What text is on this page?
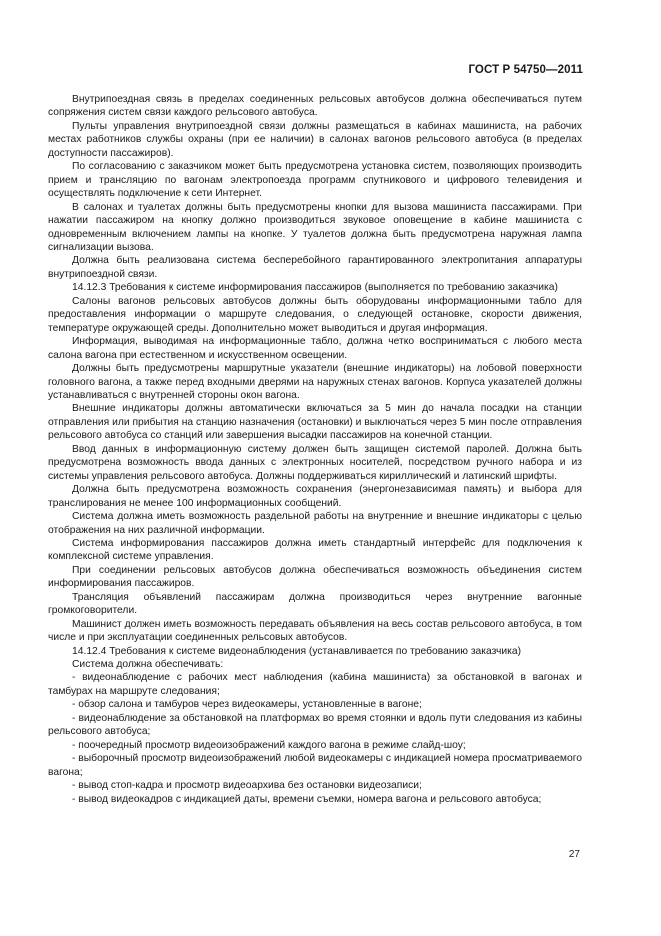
ГОСТ Р 54750—2011

Внутрипоездная связь в пределах соединенных рельсовых автобусов должна обеспечиваться путем сопряжения систем связи каждого рельсового автобуса.

Пульты управления внутрипоездной связи должны размещаться в кабинах машиниста, на рабочих местах работников службы охраны (при ее наличии) в салонах вагонов рельсового автобуса (в пределах доступности пассажиров).

По согласованию с заказчиком может быть предусмотрена установка систем, позволяющих производить прием и трансляцию по вагонам электропоезда программ спутникового и цифрового телевидения и осуществлять подключение к сети Интернет.

В салонах и туалетах должны быть предусмотрены кнопки для вызова машиниста пассажирами. При нажатии пассажиром на кнопку должно производиться звуковое оповещение в кабине машиниста с одновременным включением лампы на кнопке. У туалетов должна быть предусмотрена наружная лампа сигнализации вызова.

Должна быть реализована система бесперебойного гарантированного электропитания аппаратуры внутрипоездной связи.

14.12.3 Требования к системе информирования пассажиров (выполняется по требованию заказчика)

Салоны вагонов рельсовых автобусов должны быть оборудованы информационными табло для предоставления информации о маршруте следования, о следующей остановке, скорости движения, температуре окружающей среды. Дополнительно может выводиться и другая информация.

Информация, выводимая на информационные табло, должна четко восприниматься с любого места салона вагона при естественном и искусственном освещении.

Должны быть предусмотрены маршрутные указатели (внешние индикаторы) на лобовой поверхности головного вагона, а также перед входными дверями на наружных стенах вагонов. Корпуса указателей должны устанавливаться с внутренней стороны окон вагона.

Внешние индикаторы должны автоматически включаться за 5 мин до начала посадки на станции отправления или прибытия на станцию назначения (остановки) и выключаться через 5 мин после отправления рельсового автобуса со станций или завершения высадки пассажиров на конечной станции.

Ввод данных в информационную систему должен быть защищен системой паролей. Должна быть предусмотрена возможность ввода данных с электронных носителей, посредством ручного набора и из системы управления рельсового автобуса. Должны поддерживаться кириллический и латинский шрифты.

Должна быть предусмотрена возможность сохранения (энергонезависимая память) и выбора для транслирования не менее 100 информационных сообщений.

Система должна иметь возможность раздельной работы на внутренние и внешние индикаторы с целью отображения на них различной информации.

Система информирования пассажиров должна иметь стандартный интерфейс для подключения к комплексной системе управления.

При соединении рельсовых автобусов должна обеспечиваться возможность объединения систем информирования пассажиров.

Трансляция объявлений пассажирам должна производиться через внутренние вагонные громкоговорители.

Машинист должен иметь возможность передавать объявления на весь состав рельсового автобуса, в том числе и при эксплуатации соединенных рельсовых автобусов.

14.12.4 Требования к системе видеонаблюдения (устанавливается по требованию заказчика)

Система должна обеспечивать:

- видеонаблюдение с рабочих мест наблюдения (кабина машиниста) за обстановкой в вагонах и тамбурах на маршруте следования;

- обзор салона и тамбуров через видеокамеры, установленные в вагоне;

- видеонаблюдение за обстановкой на платформах во время стоянки и вдоль пути следования из кабины рельсового автобуса;

- поочередный просмотр видеоизображений каждого вагона в режиме слайд-шоу;

- выборочный просмотр видеоизображений любой видеокамеры с индикацией номера просматриваемого вагона;

- вывод стоп-кадра и просмотр видеоархива без остановки видеозаписи;

- вывод видеокадров с индикацией даты, времени съемки, номера вагона и рельсового автобуса;

27
